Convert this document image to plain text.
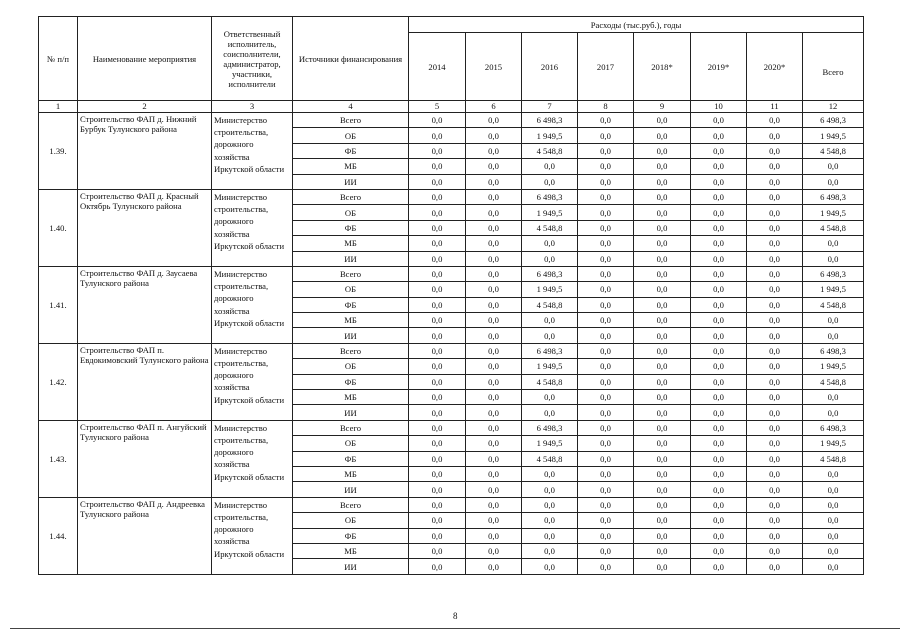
№ п/п	Наименование мероприятия	Ответственный исполнитель, соисполнители, администратор, участники, исполнители	Источники финансирования	Расходы (тыс.руб.), годы							
				2014	2015	2016	2017	2018*	2019*	2020*	Всего
1	2	3	4	5	6	7	8	9	10	11	12
1.39.	Строительство ФАП д. Нижний Бурбук Тулунского района	Министерство строительства, дорожного хозяйства Иркутской области	Всего	0,0	0,0	6 498,3	0,0	0,0	0,0	0,0	6 498,3
			ОБ	0,0	0,0	1 949,5	0,0	0,0	0,0	0,0	1 949,5
			ФБ	0,0	0,0	4 548,8	0,0	0,0	0,0	0,0	4 548,8
			МБ	0,0	0,0	0,0	0,0	0,0	0,0	0,0	0,0
			ИИ	0,0	0,0	0,0	0,0	0,0	0,0	0,0	0,0
1.40.	Строительство ФАП д. Красный Октябрь Тулунского района	Министерство строительства, дорожного хозяйства Иркутской области	Всего	0,0	0,0	6 498,3	0,0	0,0	0,0	0,0	6 498,3
			ОБ	0,0	0,0	1 949,5	0,0	0,0	0,0	0,0	1 949,5
			ФБ	0,0	0,0	4 548,8	0,0	0,0	0,0	0,0	4 548,8
			МБ	0,0	0,0	0,0	0,0	0,0	0,0	0,0	0,0
			ИИ	0,0	0,0	0,0	0,0	0,0	0,0	0,0	0,0
1.41.	Строительство ФАП д. Заусаева Тулунского района	Министерство строительства, дорожного хозяйства Иркутской области	Всего	0,0	0,0	6 498,3	0,0	0,0	0,0	0,0	6 498,3
			ОБ	0,0	0,0	1 949,5	0,0	0,0	0,0	0,0	1 949,5
			ФБ	0,0	0,0	4 548,8	0,0	0,0	0,0	0,0	4 548,8
			МБ	0,0	0,0	0,0	0,0	0,0	0,0	0,0	0,0
			ИИ	0,0	0,0	0,0	0,0	0,0	0,0	0,0	0,0
1.42.	Строительство ФАП п. Евдокимовский Тулунского района	Министерство строительства, дорожного хозяйства Иркутской области	Всего	0,0	0,0	6 498,3	0,0	0,0	0,0	0,0	6 498,3
			ОБ	0,0	0,0	1 949,5	0,0	0,0	0,0	0,0	1 949,5
			ФБ	0,0	0,0	4 548,8	0,0	0,0	0,0	0,0	4 548,8
			МБ	0,0	0,0	0,0	0,0	0,0	0,0	0,0	0,0
			ИИ	0,0	0,0	0,0	0,0	0,0	0,0	0,0	0,0
1.43.	Строительство ФАП п. Ангуйский Тулунского района	Министерство строительства, дорожного хозяйства Иркутской области	Всего	0,0	0,0	6 498,3	0,0	0,0	0,0	0,0	6 498,3
			ОБ	0,0	0,0	1 949,5	0,0	0,0	0,0	0,0	1 949,5
			ФБ	0,0	0,0	4 548,8	0,0	0,0	0,0	0,0	4 548,8
			МБ	0,0	0,0	0,0	0,0	0,0	0,0	0,0	0,0
			ИИ	0,0	0,0	0,0	0,0	0,0	0,0	0,0	0,0
1.44.	Строительство ФАП д. Андреевка Тулунского района	Министерство строительства, дорожного хозяйства Иркутской области	Всего	0,0	0,0	0,0	0,0	0,0	0,0	0,0	0,0
			ОБ	0,0	0,0	0,0	0,0	0,0	0,0	0,0	0,0
			ФБ	0,0	0,0	0,0	0,0	0,0	0,0	0,0	0,0
			МБ	0,0	0,0	0,0	0,0	0,0	0,0	0,0	0,0
			ИИ	0,0	0,0	0,0	0,0	0,0	0,0	0,0	0,0
8
